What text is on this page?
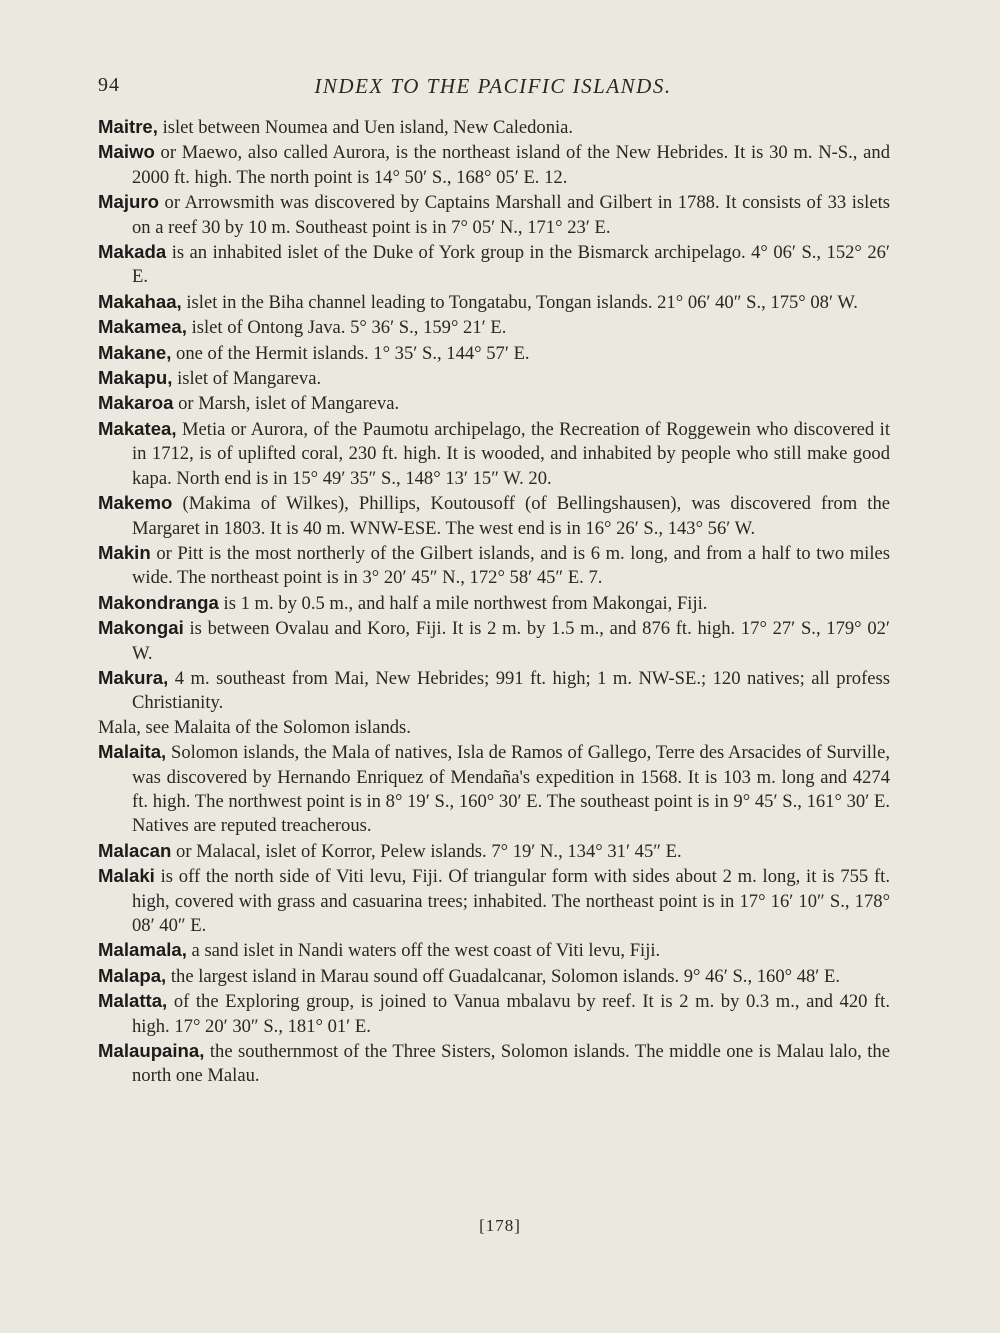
94	INDEX TO THE PACIFIC ISLANDS.
Maitre, islet between Noumea and Uen island, New Caledonia.
Maiwo or Maewo, also called Aurora, is the northeast island of the New Hebrides. It is 30 m. N-S., and 2000 ft. high. The north point is 14° 50′ S., 168° 05′ E. 12.
Majuro or Arrowsmith was discovered by Captains Marshall and Gilbert in 1788. It consists of 33 islets on a reef 30 by 10 m. Southeast point is in 7° 05′ N., 171° 23′ E.
Makada is an inhabited islet of the Duke of York group in the Bismarck archipelago. 4° 06′ S., 152° 26′ E.
Makahaa, islet in the Biha channel leading to Tongatabu, Tongan islands. 21° 06′ 40″ S., 175° 08′ W.
Makamea, islet of Ontong Java. 5° 36′ S., 159° 21′ E.
Makane, one of the Hermit islands. 1° 35′ S., 144° 57′ E.
Makapu, islet of Mangareva.
Makaroa or Marsh, islet of Mangareva.
Makatea, Metia or Aurora, of the Paumotu archipelago, the Recreation of Roggewein who discovered it in 1712, is of uplifted coral, 230 ft. high. It is wooded, and inhabited by people who still make good kapa. North end is in 15° 49′ 35″ S., 148° 13′ 15″ W. 20.
Makemo (Makima of Wilkes), Phillips, Koutousoff (of Bellingshausen), was discovered from the Margaret in 1803. It is 40 m. WNW-ESE. The west end is in 16° 26′ S., 143° 56′ W.
Makin or Pitt is the most northerly of the Gilbert islands, and is 6 m. long, and from a half to two miles wide. The northeast point is in 3° 20′ 45″ N., 172° 58′ 45″ E. 7.
Makondranga is 1 m. by 0.5 m., and half a mile northwest from Makongai, Fiji.
Makongai is between Ovalau and Koro, Fiji. It is 2 m. by 1.5 m., and 876 ft. high. 17° 27′ S., 179° 02′ W.
Makura, 4 m. southeast from Mai, New Hebrides; 991 ft. high; 1 m. NW-SE.; 120 natives; all profess Christianity.
Mala, see Malaita of the Solomon islands.
Malaita, Solomon islands, the Mala of natives, Isla de Ramos of Gallego, Terre des Arsacides of Surville, was discovered by Hernando Enriquez of Mendaña's expedition in 1568. It is 103 m. long and 4274 ft. high. The northwest point is in 8° 19′ S., 160° 30′ E. The southeast point is in 9° 45′ S., 161° 30′ E. Natives are reputed treacherous.
Malacan or Malacal, islet of Korror, Pelew islands. 7° 19′ N., 134° 31′ 45″ E.
Malaki is off the north side of Viti levu, Fiji. Of triangular form with sides about 2 m. long, it is 755 ft. high, covered with grass and casuarina trees; inhabited. The northeast point is in 17° 16′ 10″ S., 178° 08′ 40″ E.
Malamala, a sand islet in Nandi waters off the west coast of Viti levu, Fiji.
Malapa, the largest island in Marau sound off Guadalcanar, Solomon islands. 9° 46′ S., 160° 48′ E.
Malatta, of the Exploring group, is joined to Vanua mbalavu by reef. It is 2 m. by 0.3 m., and 420 ft. high. 17° 20′ 30″ S., 181° 01′ E.
Malaupaina, the southernmost of the Three Sisters, Solomon islands. The middle one is Malau lalo, the north one Malau.
[178]
